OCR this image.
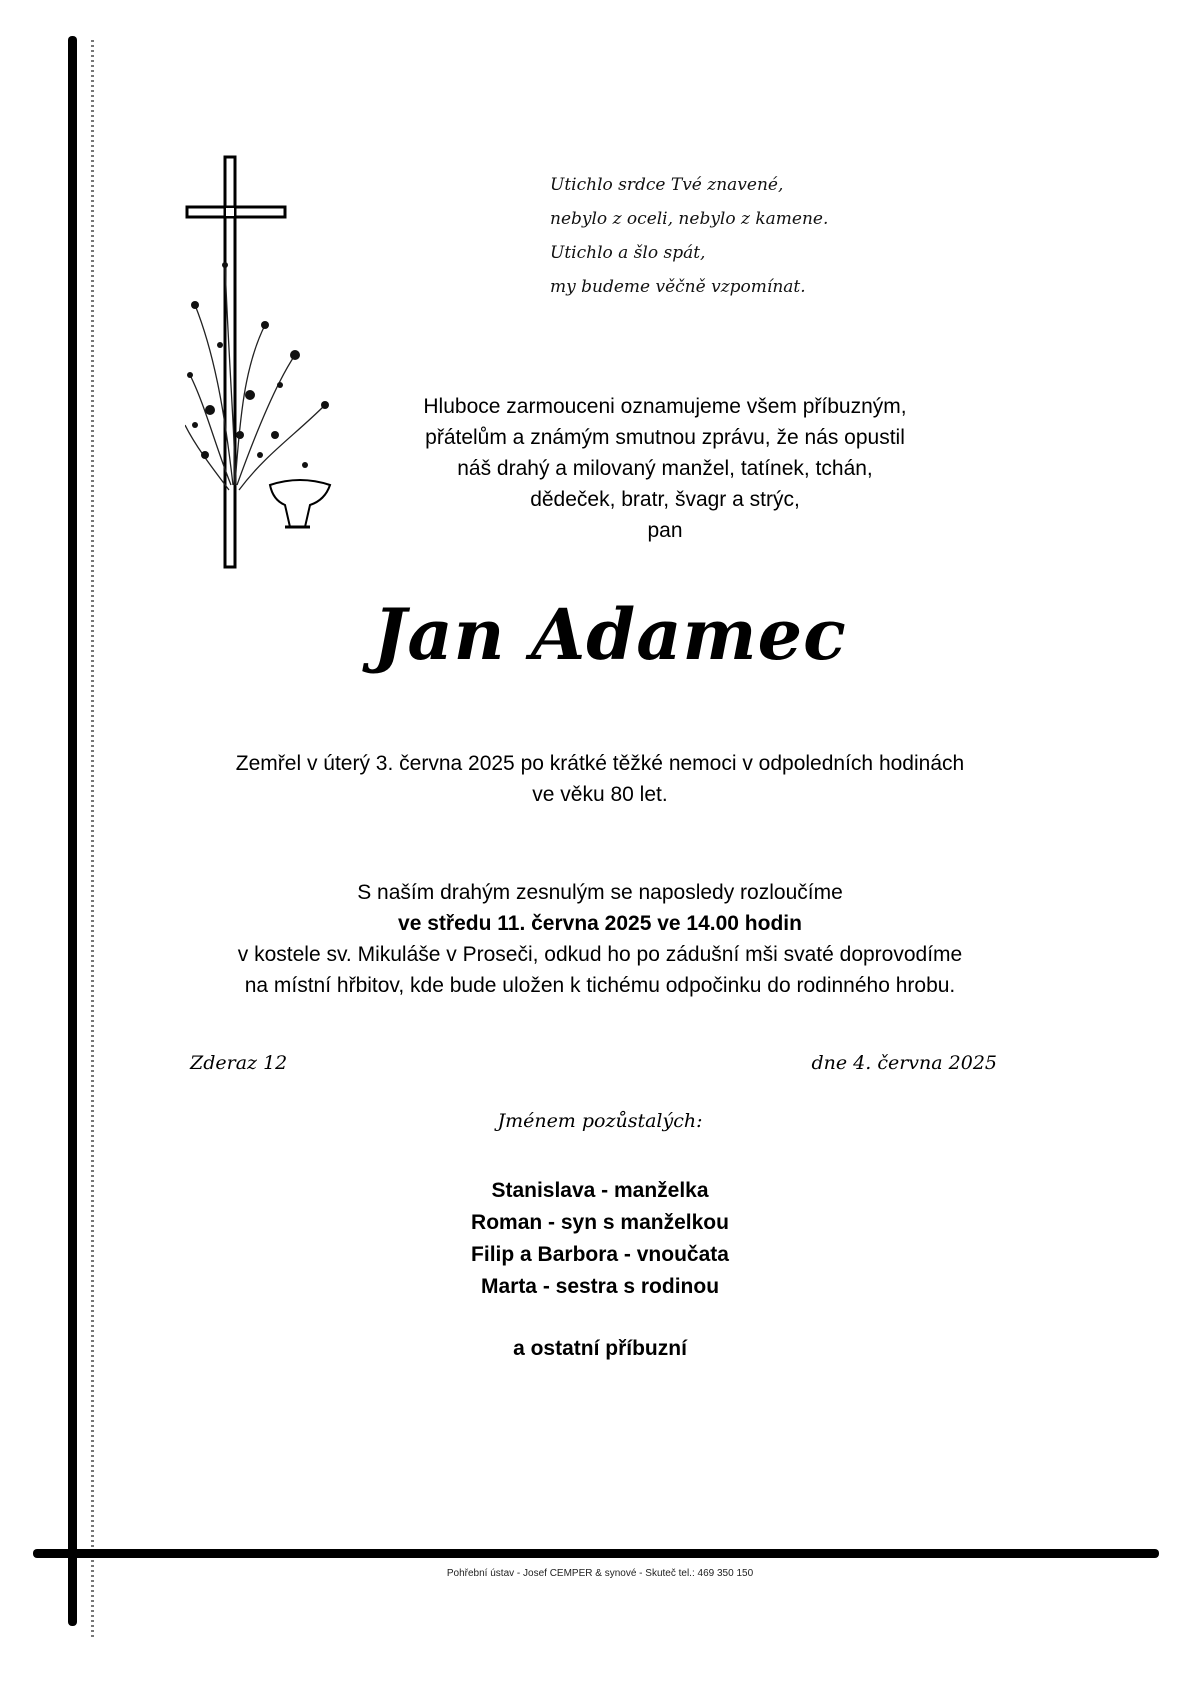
Utichlo srdce Tvé znavené,
nebylo z oceli, nebylo z kamene.
Utichlo a šlo spát,
my budeme věčně vzpomínat.
Hluboce zarmouceni oznamujeme všem příbuzným,
přátelům a známým smutnou zprávu, že nás opustil
náš drahý a milovaný manžel, tatínek, tchán,
dědeček, bratr, švagr a strýc,
pan
Jan Adamec
Zemřel v úterý 3. června 2025 po krátké těžké nemoci v odpoledních hodinách
ve věku 80 let.
S naším drahým zesnulým se naposledy rozloučíme
ve středu 11. června 2025 ve 14.00 hodin
v kostele sv. Mikuláše v Proseči, odkud ho po zádušní mši svaté doprovodíme
na místní hřbitov, kde bude uložen k tichému odpočinku do rodinného hrobu.
Zderaz 12	dne 4. června 2025
Jménem pozůstalých:
Stanislava - manželka
Roman - syn s manželkou
Filip a Barbora - vnoučata
Marta - sestra s rodinou
a ostatní příbuzní
Pohřební ústav - Josef CEMPER & synové - Skuteč tel.: 469 350 150
